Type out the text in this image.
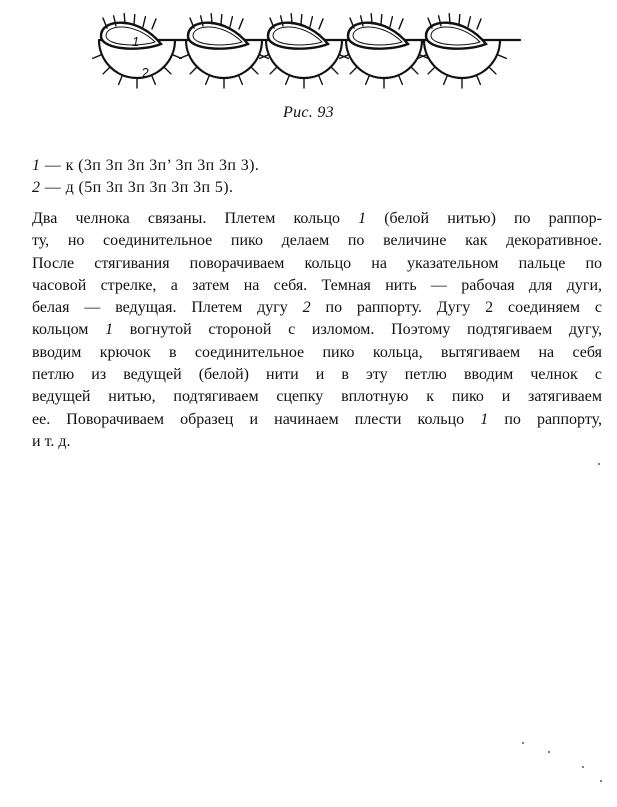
1
2
Рис. 93
1 — к (3п 3п 3п 3п’ 3п 3п 3п 3).
2 — д (5п 3п 3п 3п 3п 3п 5).
Два челнока связаны. Плетем кольцо 1 (белой нитью) по раппор-
ту, но соединительное пико делаем по величине как декоративное.
После стягивания поворачиваем кольцо на указательном пальце по
часовой стрелке, а затем на себя. Темная нить — рабочая для дуги,
белая — ведущая. Плетем дугу 2 по раппорту. Дугу 2 соединяем с
кольцом 1 вогнутой стороной с изломом. Поэтому подтягиваем дугу,
вводим крючок в соединительное пико кольца, вытягиваем на себя
петлю из ведущей (белой) нити и в эту петлю вводим челнок с
ведущей нитью, подтягиваем сцепку вплотную к пико и затягиваем
ее. Поворачиваем образец и начинаем плести кольцо 1 по раппорту,
и т. д.
